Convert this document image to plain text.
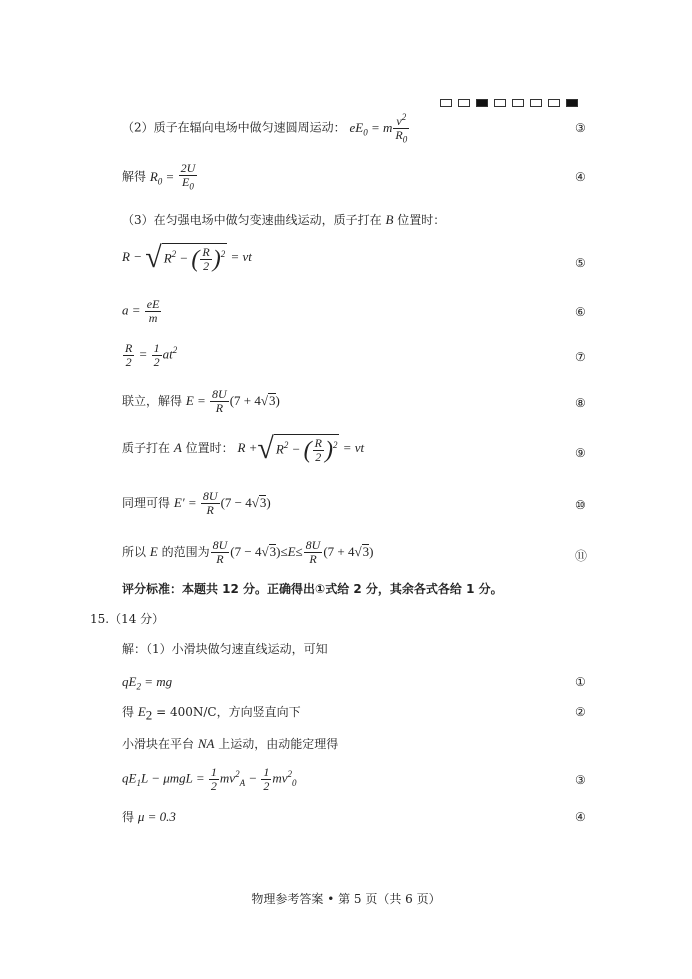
（2）质子在辐向电场中做匀速圆周运动： $eE_0 = m \frac{v^2}{R_0}$	③
解得 $R_0 = \frac{2U}{E_0}$	④
（3）在匀强电场中做匀变速曲线运动，质子打在 B 位置时：
R − √ $R^2$ − ( $\frac{R}{2} )^2$ = vt	⑤
$a = \frac{eE}{m}$	⑥
$\frac{R}{2} = \frac{1}{2} at^2$	⑦
联立，解得 $E = \frac{8U}{R} (7 + 4√3)$	⑧
质子打在 A 位置时： R +√ $R^2$ − ( $\frac{R}{2} )^2$ = vt	⑨
同理可得 $E' = \frac{8U}{R} (7 - 4√3)$	⑩
所以 E 的范围为 $\frac{8U}{R} (7 - 4√3)\le E\le \frac{8U}{R} (7 + 4√3)$	⑪
评分标准：本题共 12 分。正确得出①式给 2 分，其余各式各给 1 分。
15.（14 分）
解：（1）小滑块做匀速直线运动，可知
$qE_2$ = mg	①
得 $E_2 = 400N/C$，方向竖直向下	②
小滑块在平台 NA 上运动，由动能定理得
$qE_1L - \mu mgL = \frac{1}{2} mv^2_A - \frac{1}{2} mv^2_0$	③
得 μ = 0.3	④
物理参考答案 • 第 5 页（共 6 页）
